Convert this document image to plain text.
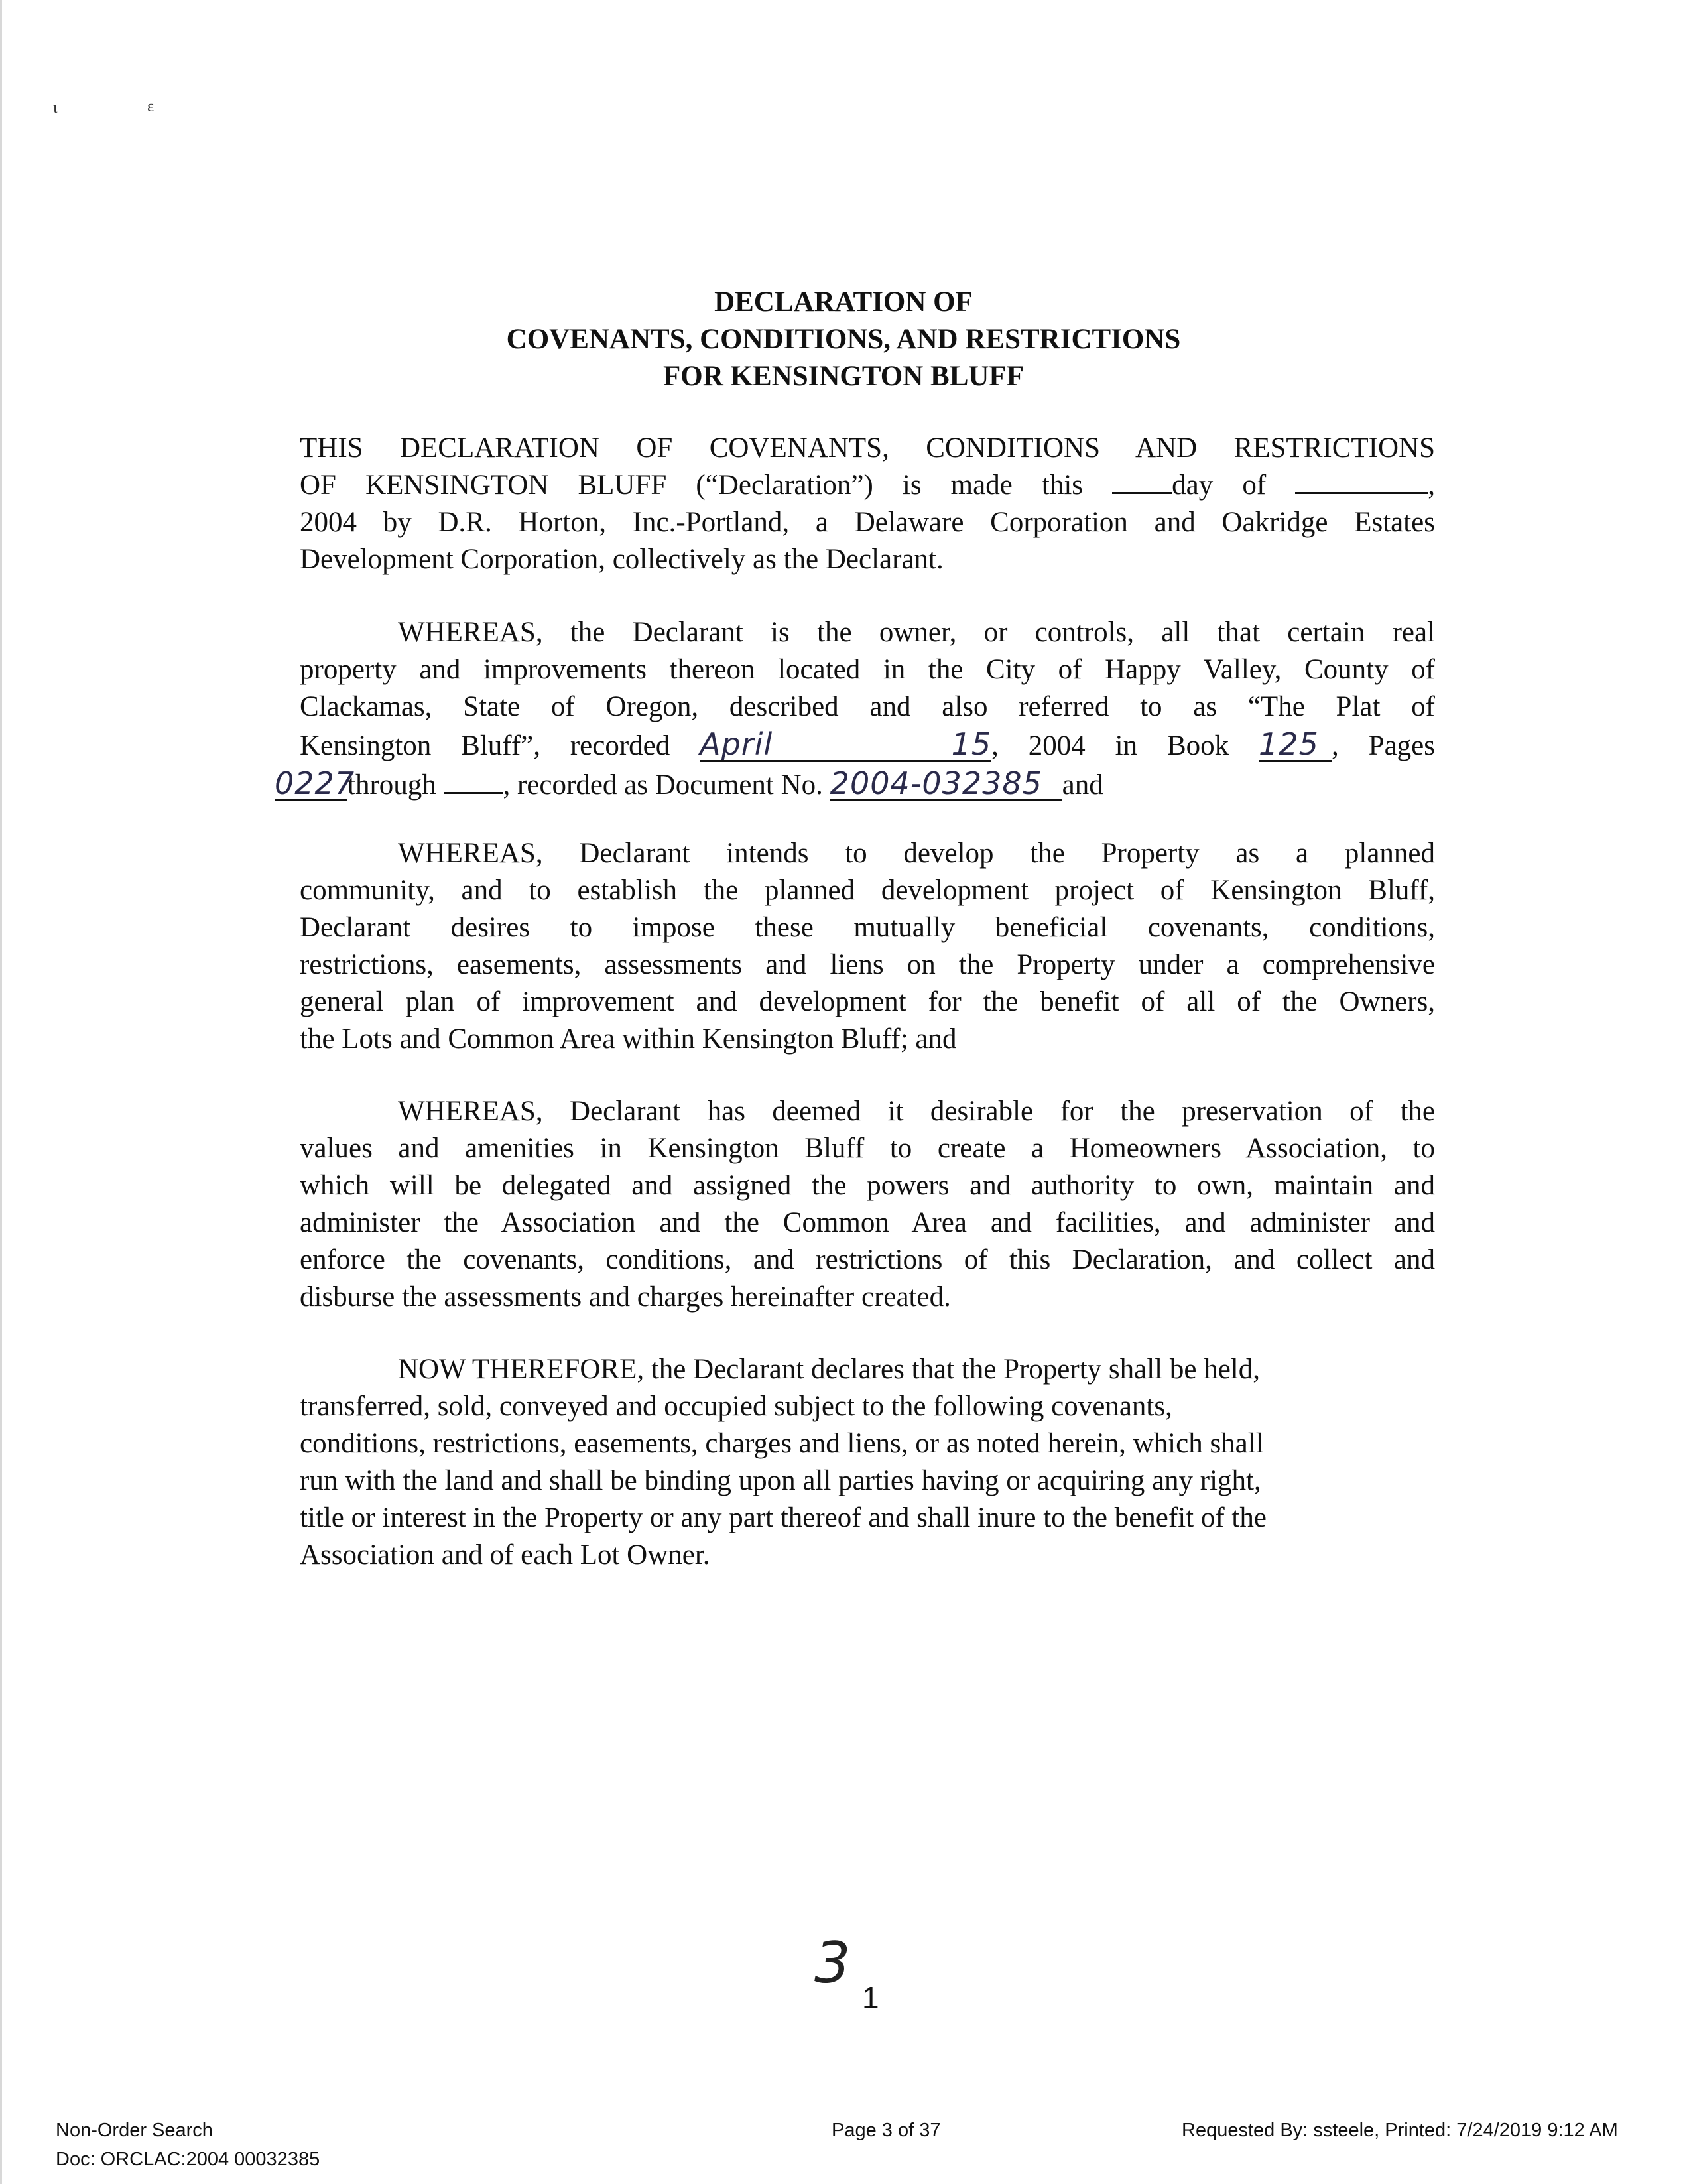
ɩ	ɛ
DECLARATION OF
COVENANTS, CONDITIONS, AND RESTRICTIONS
FOR KENSINGTON BLUFF
THIS DECLARATION OF COVENANTS, CONDITIONS AND RESTRICTIONS
OF KENSINGTON BLUFF (“Declaration”) is made this	day of	,
2004 by D.R. Horton, Inc.-Portland, a Delaware Corporation and Oakridge Estates
Development Corporation, collectively as the Declarant.
WHEREAS, the Declarant is the owner, or controls, all that certain real
property and improvements thereon located in the City of Happy Valley, County of
Clackamas, State of Oregon, described and also referred to as “The Plat of
Kensington Bluff”, recorded April 15, 2004 in Book 125 , Pages
0227through , recorded as Document No. 2004-032385 and
WHEREAS, Declarant intends to develop the Property as a planned
community, and to establish the planned development project of Kensington Bluff,
Declarant desires to impose these mutually beneficial covenants, conditions,
restrictions, easements, assessments and liens on the Property under a comprehensive
general plan of improvement and development for the benefit of all of the Owners,
the Lots and Common Area within Kensington Bluff; and
WHEREAS, Declarant has deemed it desirable for the preservation of the
values and amenities in Kensington Bluff to create a Homeowners Association, to
which will be delegated and assigned the powers and authority to own, maintain and
administer the Association and the Common Area and facilities, and administer and
enforce the covenants, conditions, and restrictions of this Declaration, and collect and
disburse the assessments and charges hereinafter created.
NOW THEREFORE, the Declarant declares that the Property shall be held,
transferred, sold, conveyed and occupied subject to the following covenants,
conditions, restrictions, easements, charges and liens, or as noted herein, which shall
run with the land and shall be binding upon all parties having or acquiring any right,
title or interest in the Property or any part thereof and shall inure to the benefit of the
Association and of each Lot Owner.
3
1
Non-Order Search
Doc: ORCLAC:2004 00032385
Page 3 of 37	Requested By: ssteele, Printed: 7/24/2019 9:12 AM
